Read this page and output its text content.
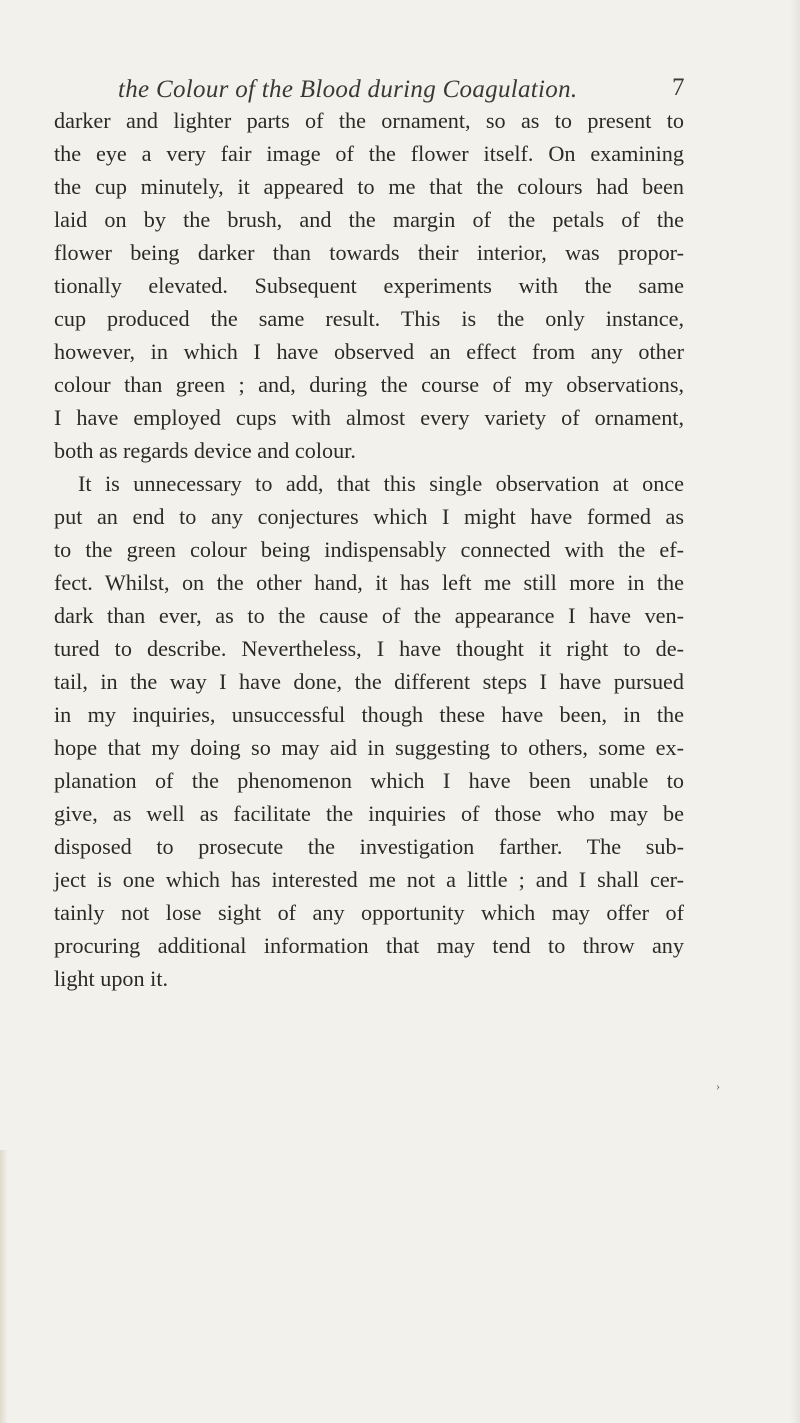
the Colour of the Blood during Coagulation.	7
darker and lighter parts of the ornament, so as to present to
the eye a very fair image of the flower itself. On examining
the cup minutely, it appeared to me that the colours had been
laid on by the brush, and the margin of the petals of the
flower being darker than towards their interior, was propor-
tionally elevated. Subsequent experiments with the same
cup produced the same result. This is the only instance,
however, in which I have observed an effect from any other
colour than green ; and, during the course of my observations,
I have employed cups with almost every variety of ornament,
both as regards device and colour.
It is unnecessary to add, that this single observation at once
put an end to any conjectures which I might have formed as
to the green colour being indispensably connected with the ef-
fect. Whilst, on the other hand, it has left me still more in the
dark than ever, as to the cause of the appearance I have ven-
tured to describe. Nevertheless, I have thought it right to de-
tail, in the way I have done, the different steps I have pursued
in my inquiries, unsuccessful though these have been, in the
hope that my doing so may aid in suggesting to others, some ex-
planation of the phenomenon which I have been unable to
give, as well as facilitate the inquiries of those who may be
disposed to prosecute the investigation farther. The sub-
ject is one which has interested me not a little ; and I shall cer-
tainly not lose sight of any opportunity which may offer of
procuring additional information that may tend to throw any
light upon it.
›
